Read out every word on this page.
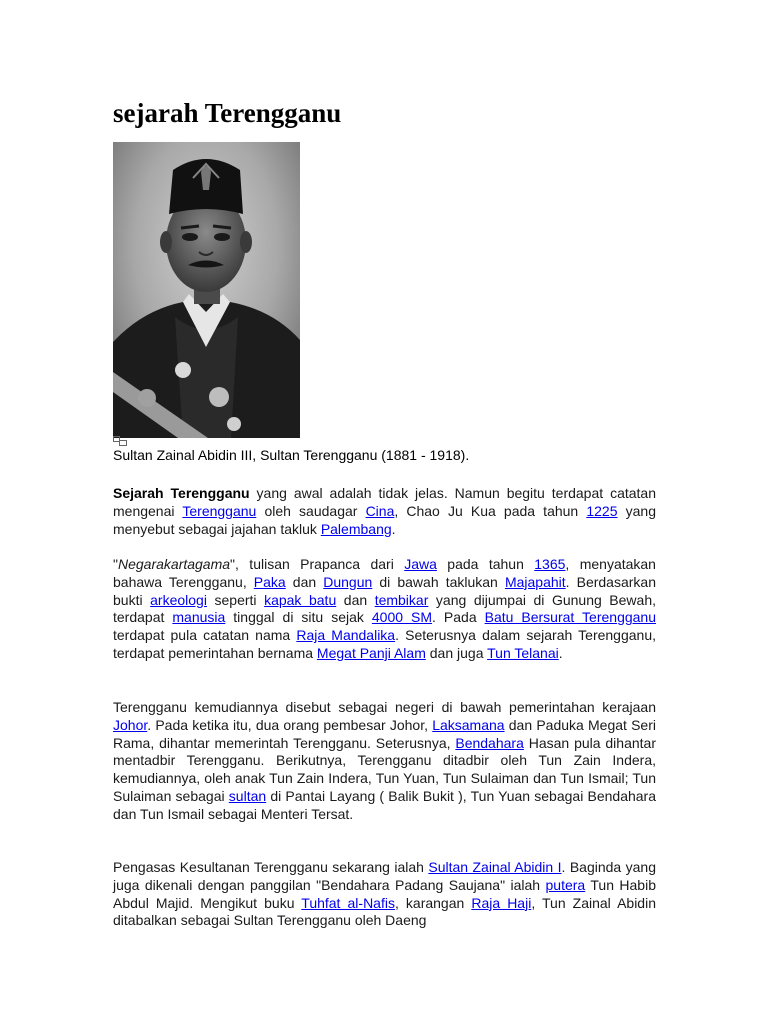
sejarah Terengganu
Sultan Zainal Abidin III, Sultan Terengganu (1881 - 1918).

Sejarah Terengganu yang awal adalah tidak jelas. Namun begitu terdapat catatan mengenai Terengganu oleh saudagar Cina, Chao Ju Kua pada tahun 1225 yang menyebut sebagai jajahan takluk Palembang.

"Negarakartagama", tulisan Prapanca dari Jawa pada tahun 1365, menyatakan bahawa Terengganu, Paka dan Dungun di bawah taklukan Majapahit. Berdasarkan bukti arkeologi seperti kapak batu dan tembikar yang dijumpai di Gunung Bewah, terdapat manusia tinggal di situ sejak 4000 SM. Pada Batu Bersurat Terengganu terdapat pula catatan nama Raja Mandalika. Seterusnya dalam sejarah Terengganu, terdapat pemerintahan bernama Megat Panji Alam dan juga Tun Telanai.

Terengganu kemudiannya disebut sebagai negeri di bawah pemerintahan kerajaan Johor. Pada ketika itu, dua orang pembesar Johor, Laksamana dan Paduka Megat Seri Rama, dihantar memerintah Terengganu. Seterusnya, Bendahara Hasan pula dihantar mentadbir Terengganu. Berikutnya, Terengganu ditadbir oleh Tun Zain Indera, kemudiannya, oleh anak Tun Zain Indera, Tun Yuan, Tun Sulaiman dan Tun Ismail; Tun Sulaiman sebagai sultan di Pantai Layang ( Balik Bukit ), Tun Yuan sebagai Bendahara dan Tun Ismail sebagai Menteri Tersat.

Pengasas Kesultanan Terengganu sekarang ialah Sultan Zainal Abidin I. Baginda yang juga dikenali dengan panggilan "Bendahara Padang Saujana" ialah putera Tun Habib Abdul Majid. Mengikut buku Tuhfat al-Nafis, karangan Raja Haji, Tun Zainal Abidin ditabalkan sebagai Sultan Terengganu oleh Daeng
